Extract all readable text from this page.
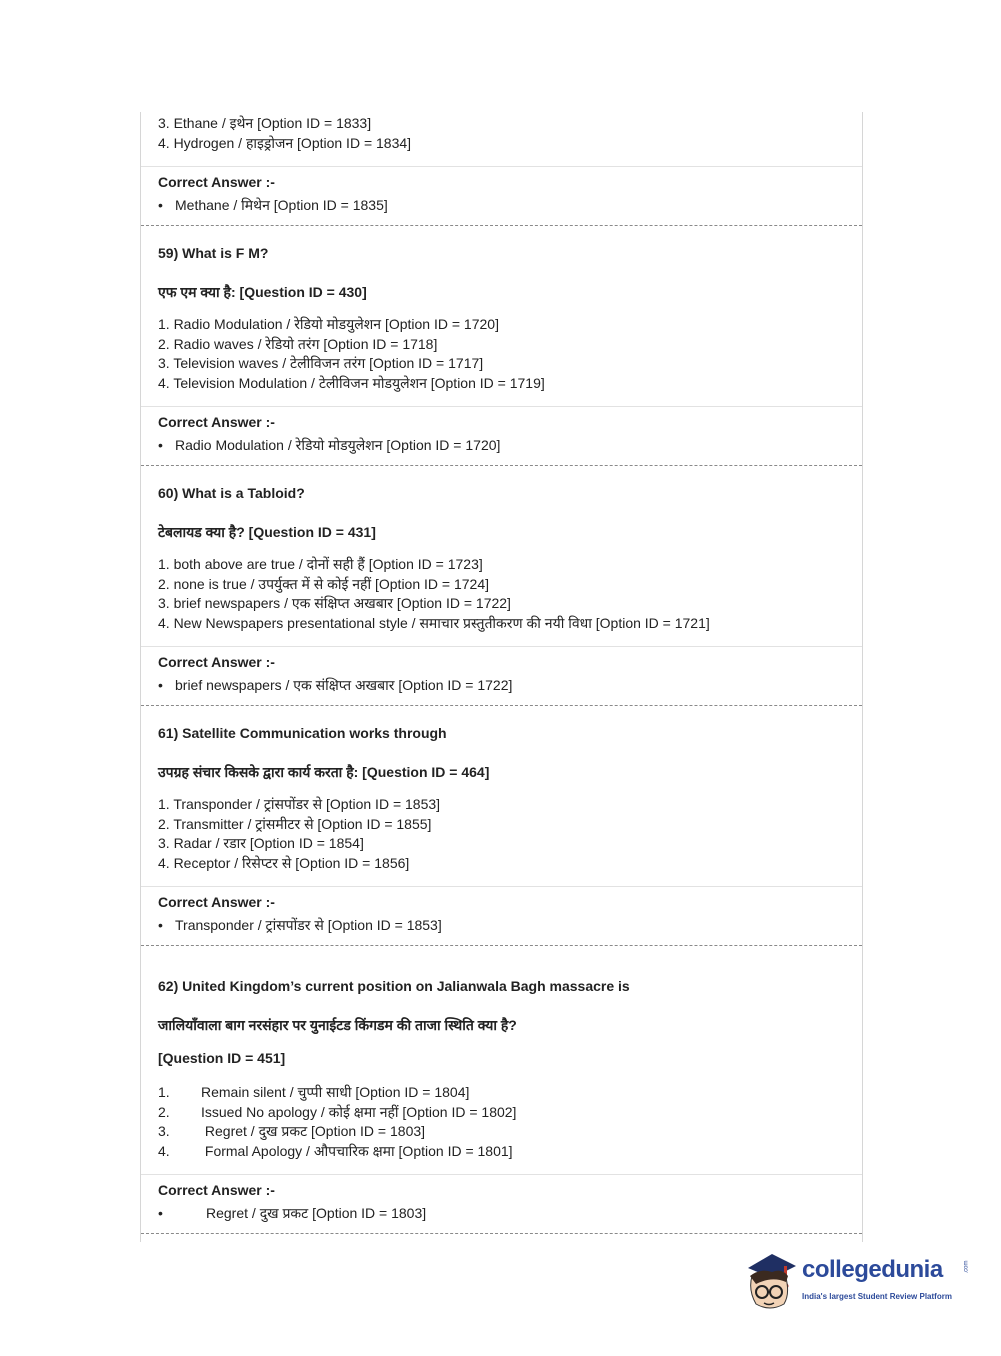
3. Ethane / इथेन [Option ID = 1833]
4. Hydrogen / हाइड्रोजन [Option ID = 1834]
Correct Answer :-
• Methane / मिथेन [Option ID = 1835]
59) What is F M?
एफ एम क्या है: [Question ID = 430]
1. Radio Modulation / रेडियो मोडयुलेशन [Option ID = 1720]
2. Radio waves / रेडियो तरंग [Option ID = 1718]
3. Television waves / टेलीविजन तरंग [Option ID = 1717]
4. Television Modulation / टेलीविजन मोडयुलेशन [Option ID = 1719]
Correct Answer :-
• Radio Modulation / रेडियो मोडयुलेशन [Option ID = 1720]
60) What is a Tabloid?
टेबलायड क्या है? [Question ID = 431]
1. both above are true / दोनों सही हैं [Option ID = 1723]
2. none is true / उपर्युक्त में से कोई नहीं [Option ID = 1724]
3. brief newspapers / एक संक्षिप्त अखबार [Option ID = 1722]
4. New Newspapers presentational style / समाचार प्रस्तुतीकरण की नयी विधा [Option ID = 1721]
Correct Answer :-
• brief newspapers / एक संक्षिप्त अखबार [Option ID = 1722]
61) Satellite Communication works through
उपग्रह संचार किसके द्वारा कार्य करता है: [Question ID = 464]
1. Transponder / ट्रांसपोंडर से [Option ID = 1853]
2. Transmitter / ट्रांसमीटर से [Option ID = 1855]
3. Radar / रडार [Option ID = 1854]
4. Receptor / रिसेप्टर से [Option ID = 1856]
Correct Answer :-
• Transponder / ट्रांसपोंडर से [Option ID = 1853]
62) United Kingdom’s current position on Jalianwala Bagh massacre is
जालियाँवाला बाग नरसंहार पर युनाईटड किंगडम की ताजा स्थिति क्या है?
[Question ID = 451]
1. Remain silent / चुप्पी साधी [Option ID = 1804]
2. Issued No apology / कोई क्षमा नहीं [Option ID = 1802]
3. Regret / दुख प्रकट [Option ID = 1803]
4. Formal Apology / औपचारिक क्षमा [Option ID = 1801]
Correct Answer :-
•	Regret / दुख प्रकट [Option ID = 1803]
collegedunia	.com
India's largest Student Review Platform
